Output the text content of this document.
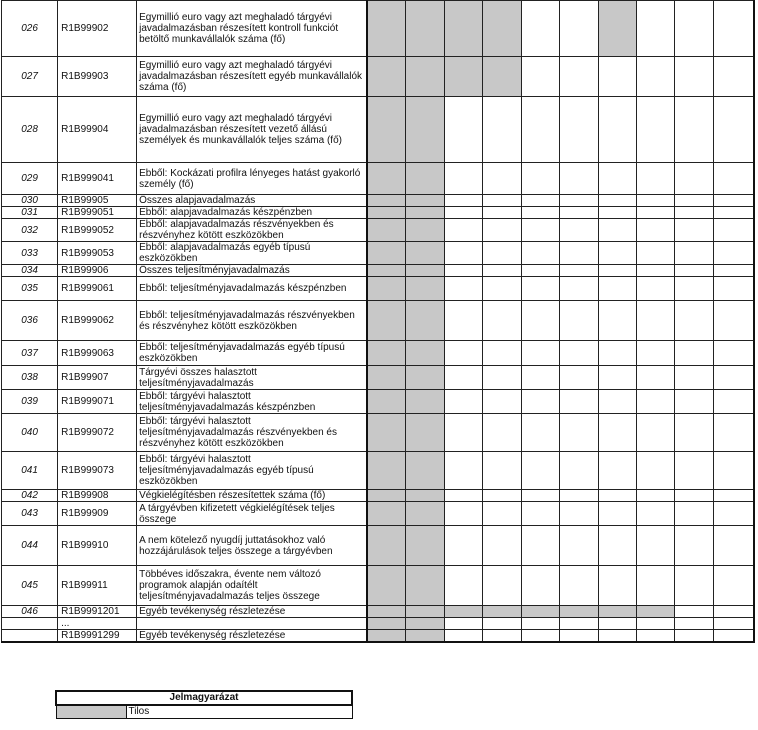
026	R1B99902	Egymillió euro vagy azt meghaladó tárgyévi javadalmazásban részesített kontroll funkciót betöltő munkavállalók száma (fő)										
027	R1B99903	Egymillió euro vagy azt meghaladó tárgyévi javadalmazásban részesített egyéb munkavállalók száma (fő)										
028	R1B99904	Egymillió euro vagy azt meghaladó tárgyévi javadalmazásban részesített vezető állású személyek és munkavállalók teljes száma (fő)										
029	R1B999041	Ebből: Kockázati profilra lényeges hatást gyakorló személy (fő)										
030	R1B99905	Összes alapjavadalmazás										
031	R1B999051	Ebből: alapjavadalmazás készpénzben										
032	R1B999052	Ebből: alapjavadalmazás részvényekben és részvényhez kötött eszközökben										
033	R1B999053	Ebből: alapjavadalmazás egyéb típusú eszközökben										
034	R1B99906	Összes teljesítményjavadalmazás										
035	R1B999061	Ebből: teljesítményjavadalmazás készpénzben										
036	R1B999062	Ebből: teljesítményjavadalmazás részvényekben és részvényhez kötött eszközökben										
037	R1B999063	Ebből: teljesítményjavadalmazás egyéb típusú eszközökben										
038	R1B99907	Tárgyévi összes halasztott teljesítményjavadalmazás										
039	R1B999071	Ebből: tárgyévi halasztott teljesítményjavadalmazás készpénzben										
040	R1B999072	Ebből: tárgyévi halasztott teljesítményjavadalmazás részvényekben és részvényhez kötött eszközökben										
041	R1B999073	Ebből: tárgyévi halasztott teljesítményjavadalmazás egyéb típusú eszközökben										
042	R1B99908	Végkielégítésben részesítettek száma (fő)										
043	R1B99909	A tárgyévben kifizetett végkielégítések teljes összege										
044	R1B99910	A nem kötelező nyugdíj juttatásokhoz való hozzájárulások teljes összege a tárgyévben										
045	R1B99911	Többéves időszakra, évente nem változó programok alapján odaítélt teljesítményjavadalmazás teljes összege										
046	R1B9991201	Egyéb tevékenység részletezése										
	...											
	R1B9991299	Egyéb tevékenység részletezése										
Jelmagyarázat
	Tilos
